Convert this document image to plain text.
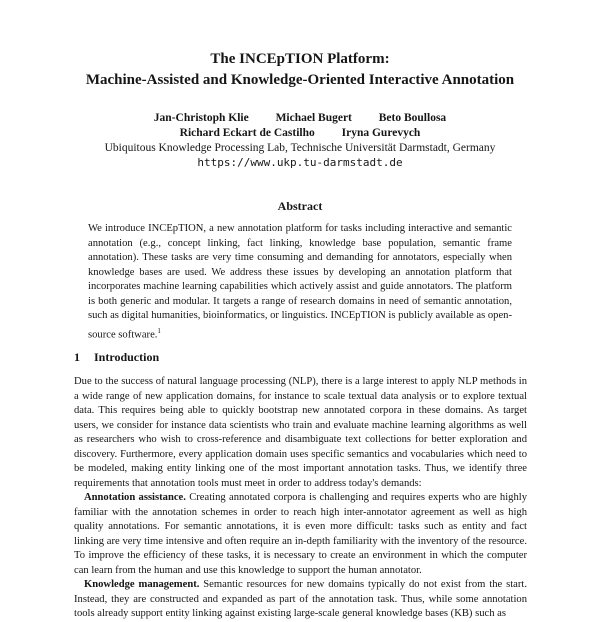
The INCEpTION Platform:
Machine-Assisted and Knowledge-Oriented Interactive Annotation
Jan-Christoph Klie Michael Bugert Beto Boullosa
Richard Eckart de Castilho Iryna Gurevych
Ubiquitous Knowledge Processing Lab, Technische Universität Darmstadt, Germany
https://www.ukp.tu-darmstadt.de
Abstract

We introduce INCEpTION, a new annotation platform for tasks including interactive and semantic annotation (e.g., concept linking, fact linking, knowledge base population, semantic frame annotation). These tasks are very time consuming and demanding for annotators, especially when knowledge bases are used. We address these issues by developing an annotation platform that incorporates machine learning capabilities which actively assist and guide annotators. The platform is both generic and modular. It targets a range of research domains in need of semantic annotation, such as digital humanities, bioinformatics, or linguistics. INCEpTION is publicly available as open-source software.$^1$

1 Introduction

Due to the success of natural language processing (NLP), there is a large interest to apply NLP methods in a wide range of new application domains, for instance to scale textual data analysis or to explore textual data. This requires being able to quickly bootstrap new annotated corpora in these domains. As target users, we consider for instance data scientists who train and evaluate machine learning algorithms as well as researchers who wish to cross-reference and disambiguate text collections for better exploration and discovery. Furthermore, every application domain uses specific semantics and vocabularies which need to be modeled, making entity linking one of the most important annotation tasks. Thus, we identify three requirements that annotation tools must meet in order to address today's demands:

Annotation assistance. Creating annotated corpora is challenging and requires experts who are highly familiar with the annotation schemes in order to reach high inter-annotator agreement as well as high quality annotations. For semantic annotations, it is even more difficult: tasks such as entity and fact linking are very time intensive and often require an in-depth familiarity with the inventory of the resource. To improve the efficiency of these tasks, it is necessary to create an environment in which the computer can learn from the human and use this knowledge to support the human annotator.

Knowledge management. Semantic resources for new domains typically do not exist from the start. Instead, they are constructed and expanded as part of the annotation task. Thus, while some annotation tools already support entity linking against existing large-scale general knowledge bases (KB) such as
